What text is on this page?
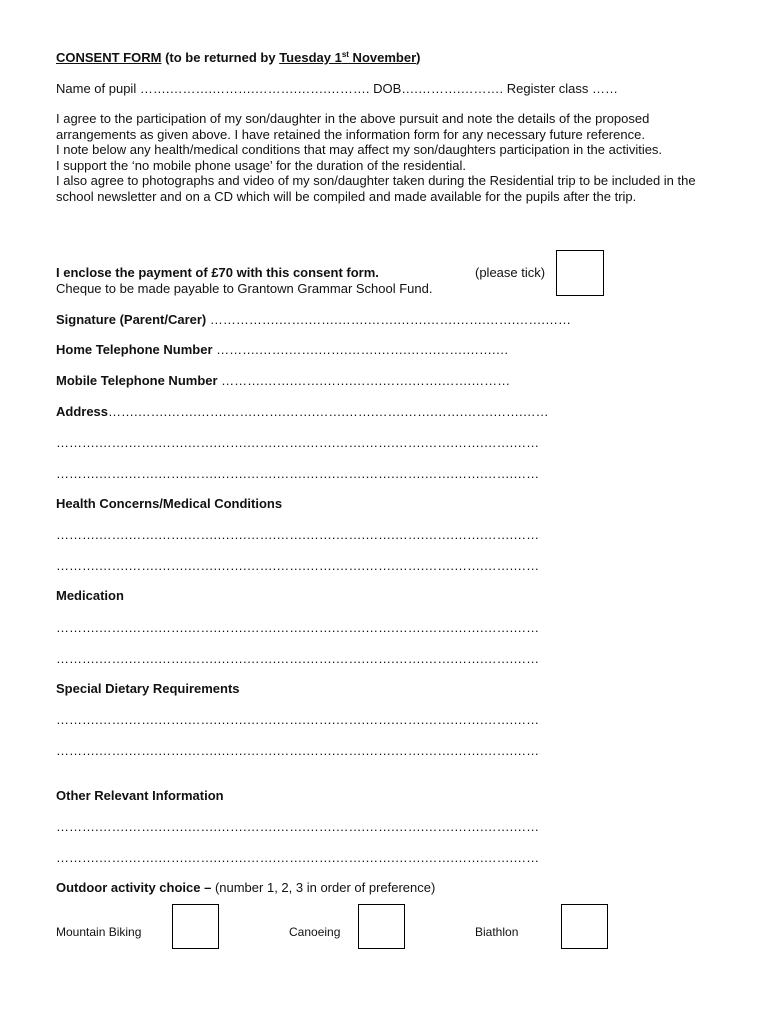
CONSENT FORM (to be returned by Tuesday 1st November)
Name of pupil …….……….……….……….…….………. DOB….……….………. Register class ……
I agree to the participation of my son/daughter in the above pursuit and note the details of the proposed arrangements as given above. I have retained the information form for any necessary future reference.
I note below any health/medical conditions that may affect my son/daughters participation in the activities.
I support the ‘no mobile phone usage’ for the duration of the residential.
I also agree to photographs and video of my son/daughter taken during the Residential trip to be included in the school newsletter and on a CD which will be compiled and made available for the pupils after the trip.
I enclose the payment of £70 with this consent form.	(please tick)
Cheque to be made payable to Grantown Grammar School Fund.
Signature (Parent/Carer) …………….…….…….…….…….…….…….…….…….…….……
Home Telephone Number ……….…….…….…….…….…….…….…….…….…
Mobile Telephone Number ……….…….…….…….…….…….…….…….………
Address…….…….…….…….…….…….…….…….…….…….…….…….…….…….……
……….…….…….…….…….…….…….…….…….…….…….…….…….…….…….……
……….…….…….…….…….…….…….…….…….…….…….…….…….…….…….……
Health Concerns/Medical Conditions
……….…….…….…….…….…….…….…….…….…….…….…….…….…….…….……
……….…….…….…….…….…….…….…….…….…….…….…….…….…….…….……
Medication
……….…….…….…….…….…….…….…….…….…….…….…….…….…….…….……
……….…….…….…….…….…….…….…….…….…….…….…….…….…….…….……
Special Dietary Requirements
……….…….…….…….…….…….…….…….…….…….…….…….…….…….…….……
……….…….…….…….…….…….…….…….…….…….…….…….…….…….…….……
Other Relevant Information
……….…….…….…….…….…….…….…….…….…….…….…….…….…….…….……
……….…….…….…….…….…….…….…….…….…….…….…….…….…….…….……
Outdoor activity choice – (number 1, 2, 3 in order of preference)
Mountain Biking	Canoeing	Biathlon
